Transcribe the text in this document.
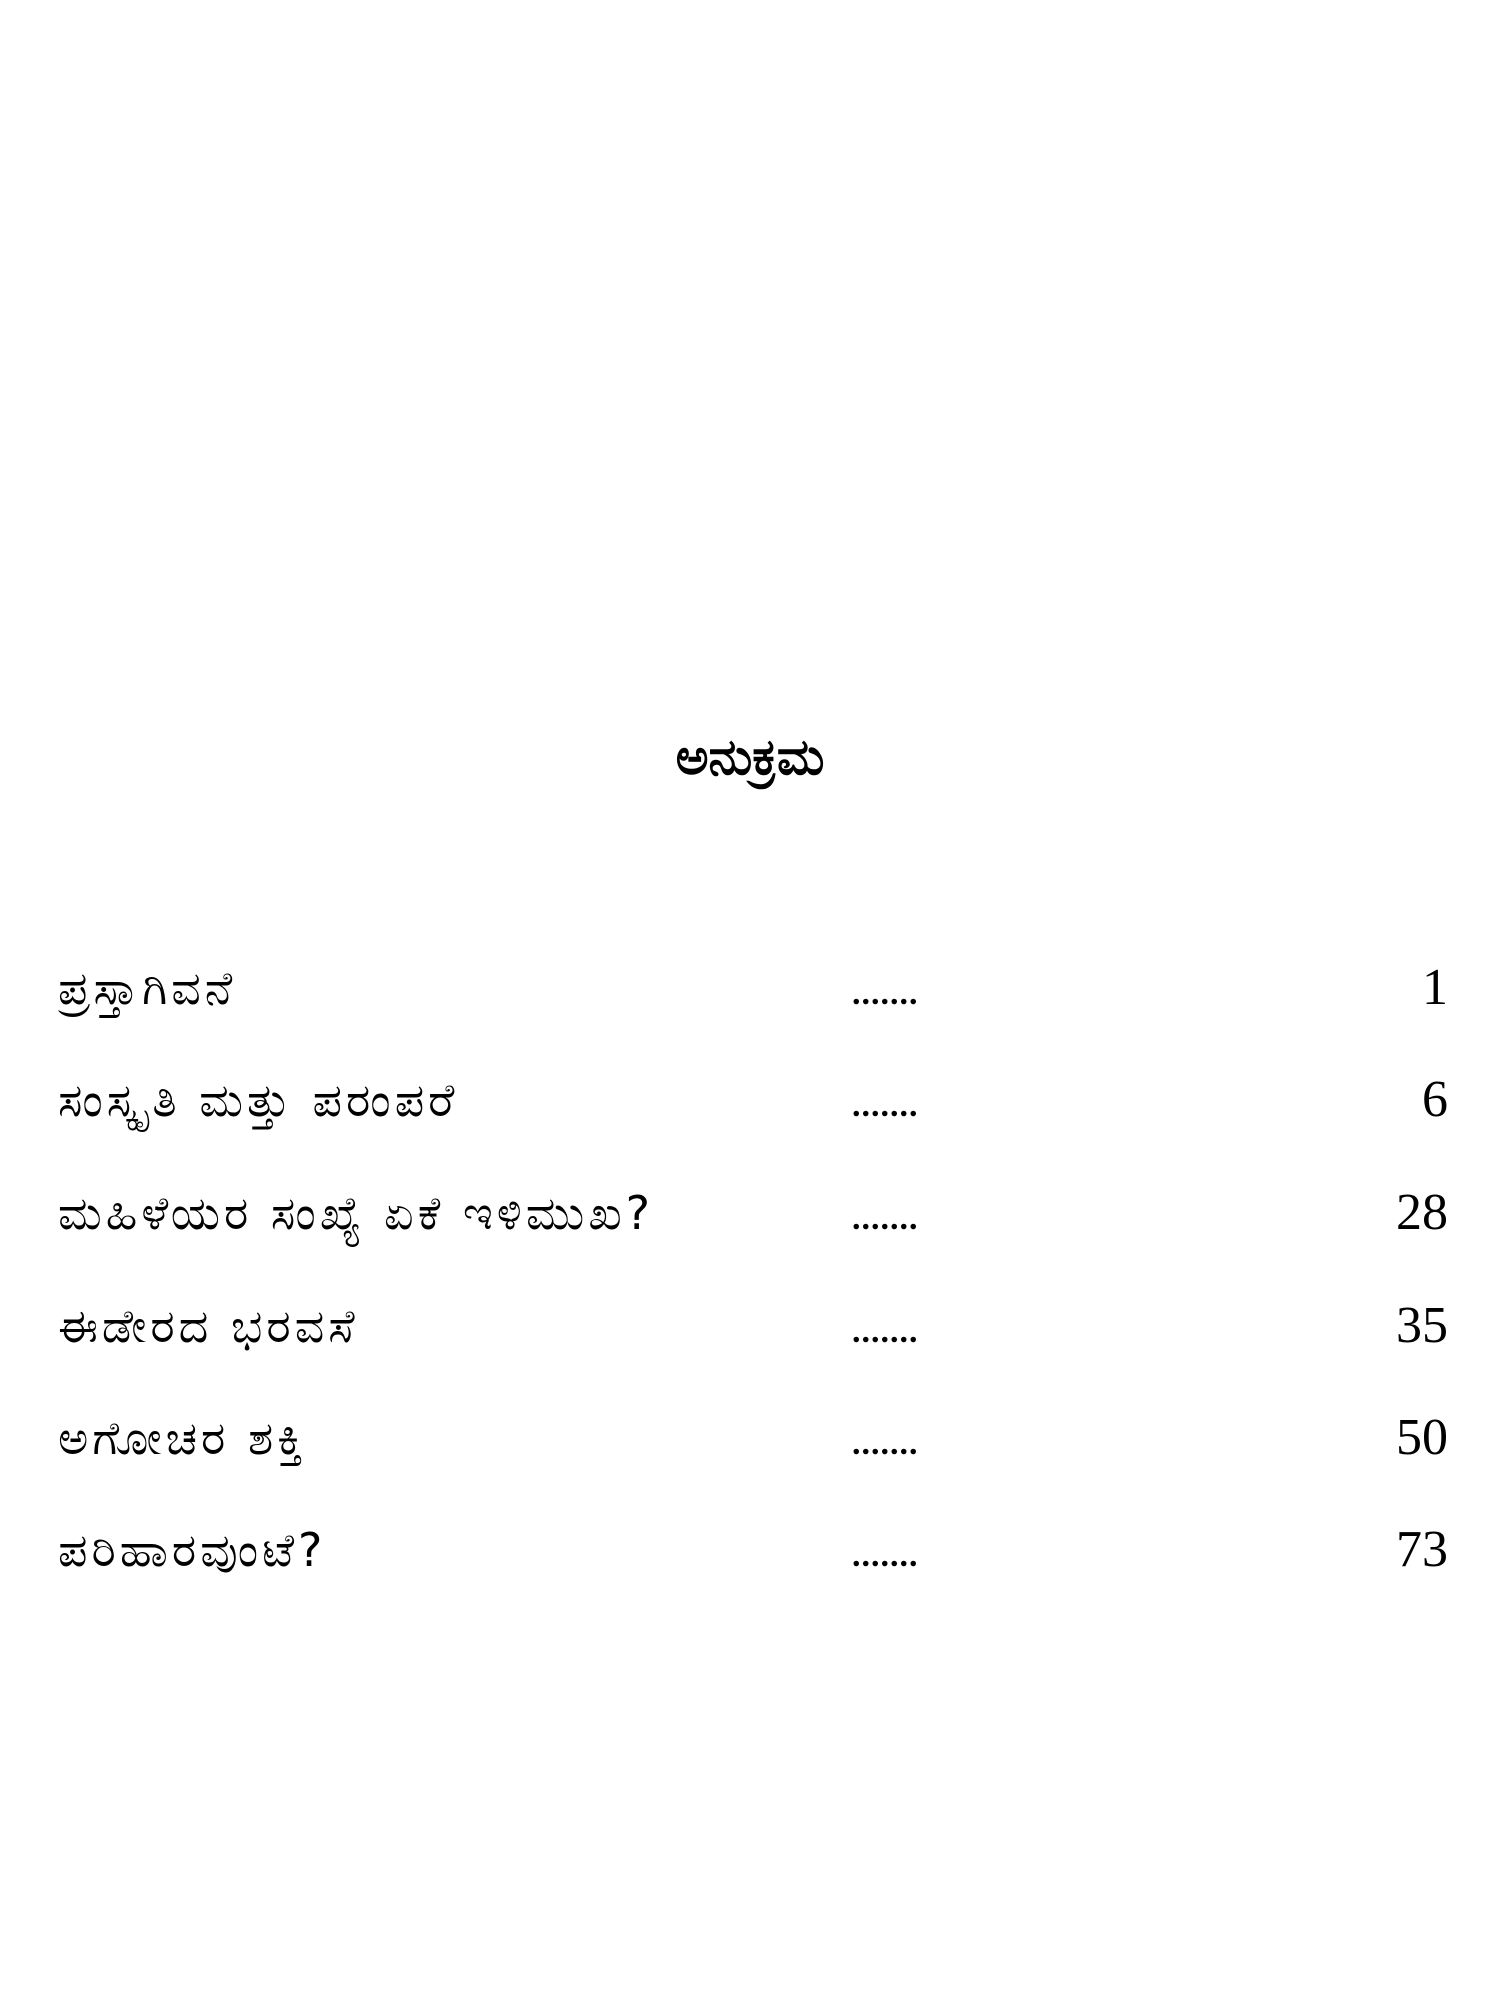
ಅನುಕ್ರಮ
ಪ್ರಸ್ತಾಗಿವನೆ	.......	1
ಸಂಸ್ಕೃತಿ ಮತ್ತು ಪರಂಪರೆ	.......	6
ಮಹಿಳೆಯರ ಸಂಖ್ಯೆ ಏಕೆ ಇಳಿಮುಖ?	.......	28
ಈಡೇರದ ಭರವಸೆ	.......	35
ಅಗೋಚರ ಶಕ್ತಿ	.......	50
ಪರಿಹಾರವುಂಟೆ?	.......	73
